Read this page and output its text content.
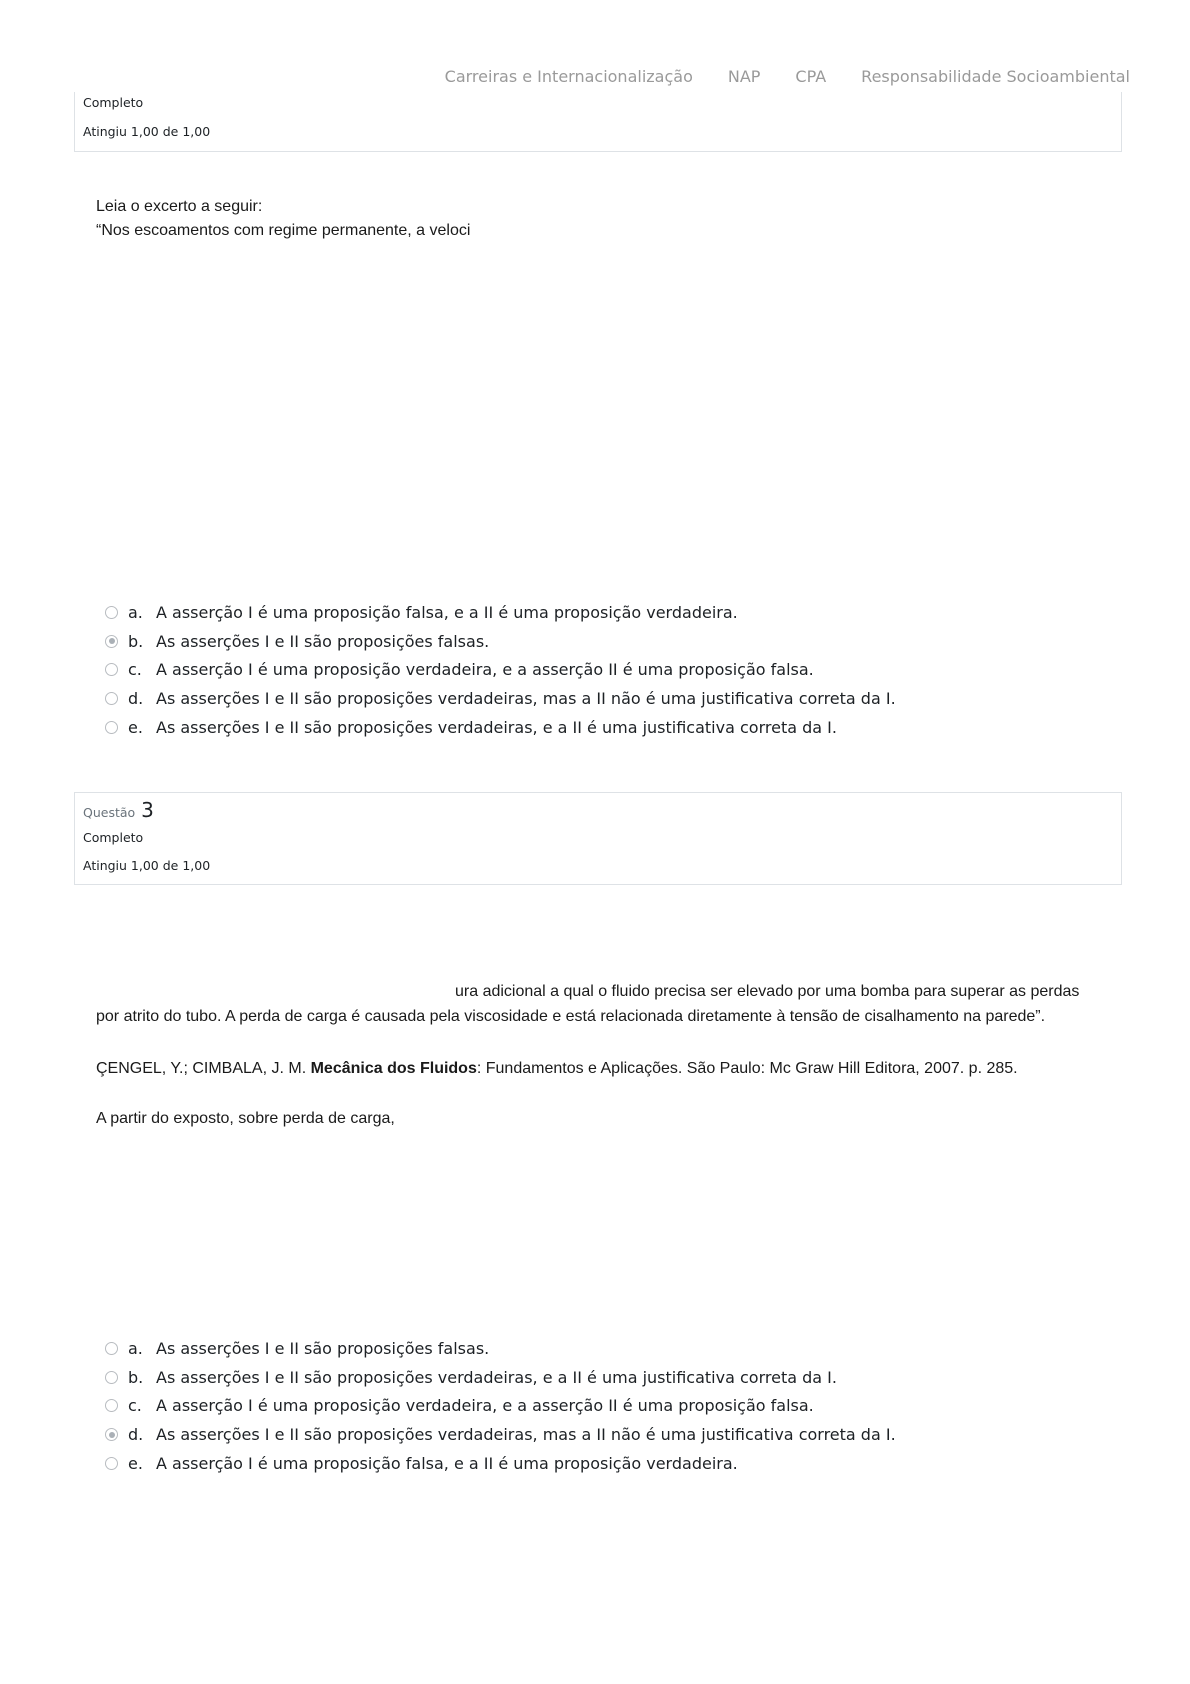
Carreiras e Internacionalização NAP CPA Responsabilidade Socioambiental
Completo
Atingiu 1,00 de 1,00
Leia o excerto a seguir:
“Nos escoamentos com regime permanente, a veloci
a. A asserção I é uma proposição falsa, e a II é uma proposição verdadeira.
b. As asserções I e II são proposições falsas.
c. A asserção I é uma proposição verdadeira, e a asserção II é uma proposição falsa.
d. As asserções I e II são proposições verdadeiras, mas a II não é uma justificativa correta da I.
e. As asserções I e II são proposições verdadeiras, e a II é uma justificativa correta da I.
Questão 3
Completo
Atingiu 1,00 de 1,00
ura adicional a qual o fluido precisa ser elevado por uma bomba para superar as perdas
por atrito do tubo. A perda de carga é causada pela viscosidade e está relacionada diretamente à tensão de cisalhamento na parede”.
ÇENGEL, Y.; CIMBALA, J. M. Mecânica dos Fluidos: Fundamentos e Aplicações. São Paulo: Mc Graw Hill Editora, 2007. p. 285.
A partir do exposto, sobre perda de carga,
a. As asserções I e II são proposições falsas.
b. As asserções I e II são proposições verdadeiras, e a II é uma justificativa correta da I.
c. A asserção I é uma proposição verdadeira, e a asserção II é uma proposição falsa.
d. As asserções I e II são proposições verdadeiras, mas a II não é uma justificativa correta da I.
e. A asserção I é uma proposição falsa, e a II é uma proposição verdadeira.
